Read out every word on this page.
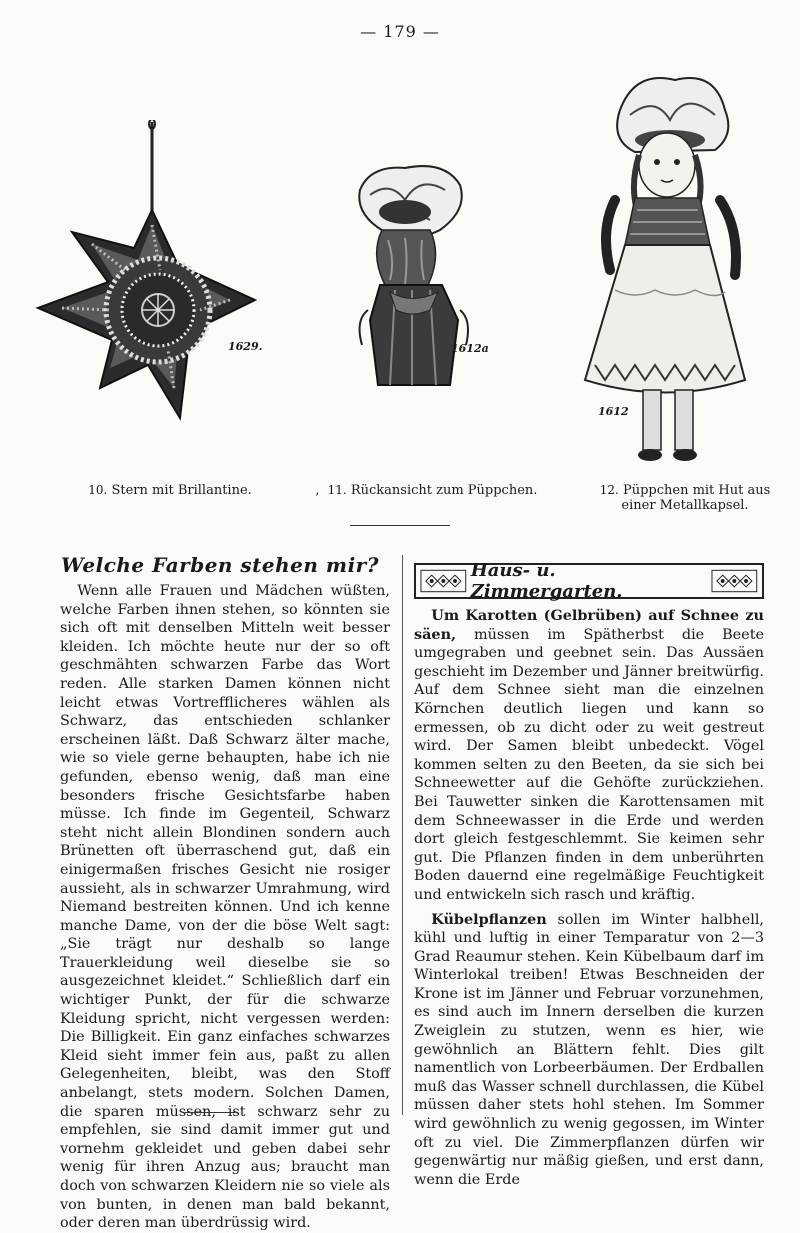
— 179 —
1629.	1612a
1612
10. Stern mit Brillantine.	, 11. Rückansicht zum Püppchen.	12. Püppchen mit Hut aus einer Metallkapsel.
Welche Farben stehen mir?

Wenn alle Frauen und Mädchen wüßten, welche Farben ihnen stehen, so könnten sie sich oft mit denselben Mitteln weit besser kleiden. Ich möchte heute nur der so oft geschmähten schwarzen Farbe das Wort reden. Alle starken Damen können nicht leicht etwas Vortrefflicheres wählen als Schwarz, das entschieden schlanker erscheinen läßt. Daß Schwarz älter mache, wie so viele gerne behaupten, habe ich nie gefunden, ebenso wenig, daß man eine besonders frische Gesichtsfarbe haben müsse. Ich finde im Gegenteil, Schwarz steht nicht allein Blondinen sondern auch Brünetten oft überraschend gut, daß ein einigermaßen frisches Gesicht nie rosiger aussieht, als in schwarzer Umrahmung, wird Niemand bestreiten können. Und ich kenne manche Dame, von der die böse Welt sagt: „Sie trägt nur deshalb so lange Trauerkleidung weil dieselbe sie so ausgezeichnet kleidet.“ Schließlich darf ein wichtiger Punkt, der für die schwarze Kleidung spricht, nicht vergessen werden: Die Billigkeit. Ein ganz einfaches schwarzes Kleid sieht immer fein aus, paßt zu allen Gelegenheiten, bleibt, was den Stoff anbelangt, stets modern. Solchen Damen, die sparen müssen, ist schwarz sehr zu empfehlen, sie sind damit immer gut und vornehm gekleidet und geben dabei sehr wenig für ihren Anzug aus; braucht man doch von schwarzen Kleidern nie so viele als von bunten, in denen man bald bekannt, oder deren man überdrüssig wird.

Haus- u. Zimmergarten.

Um Karotten (Gelbrüben) auf Schnee zu säen, müssen im Spätherbst die Beete umgegraben und geebnet sein. Das Aussäen geschieht im Dezember und Jänner breitwürfig. Auf dem Schnee sieht man die einzelnen Körnchen deutlich liegen und kann so ermessen, ob zu dicht oder zu weit gestreut wird. Der Samen bleibt unbedeckt. Vögel kommen selten zu den Beeten, da sie sich bei Schneewetter auf die Gehöfte zurückziehen. Bei Tauwetter sinken die Karottensamen mit dem Schneewasser in die Erde und werden dort gleich festgeschlemmt. Sie keimen sehr gut. Die Pflanzen finden in dem unberührten Boden dauernd eine regelmäßige Feuchtigkeit und entwickeln sich rasch und kräftig.

Kübelpflanzen sollen im Winter halbhell, kühl und luftig in einer Temparatur von 2—3 Grad Reaumur stehen. Kein Kübelbaum darf im Winterlokal treiben! Etwas Beschneiden der Krone ist im Jänner und Februar vorzunehmen, es sind auch im Innern derselben die kurzen Zweiglein zu stutzen, wenn es hier, wie gewöhnlich an Blättern fehlt. Dies gilt namentlich von Lorbeerbäumen. Der Erdballen muß das Wasser schnell durchlassen, die Kübel müssen daher stets hohl stehen. Im Sommer wird gewöhnlich zu wenig gegossen, im Winter oft zu viel. Die Zimmerpflanzen dürfen wir gegenwärtig nur mäßig gießen, und erst dann, wenn die Erde
